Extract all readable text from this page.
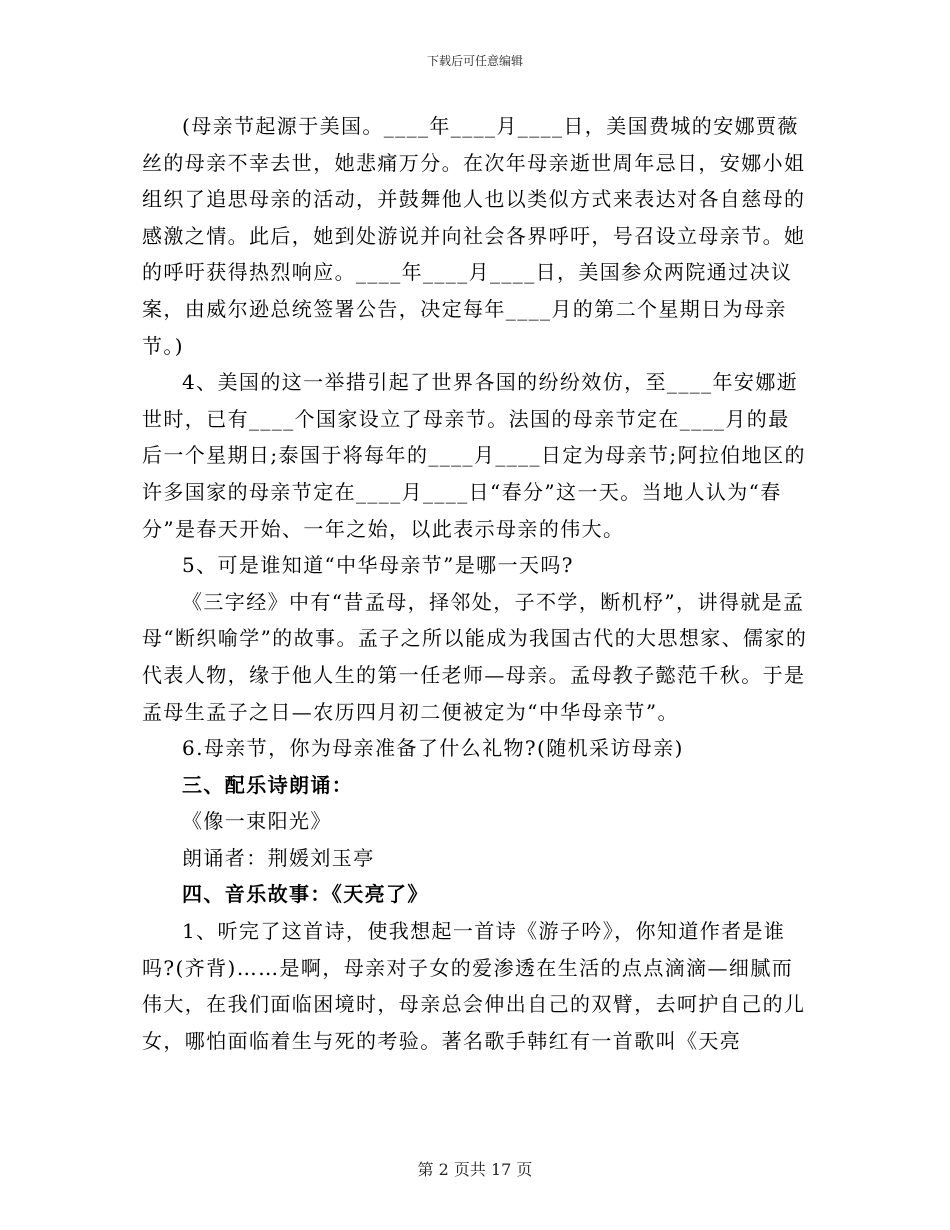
下载后可任意编辑

(母亲节起源于美国。____年____月____日，美国费城的安娜贾薇丝的母亲不幸去世，她悲痛万分。在次年母亲逝世周年忌日，安娜小姐组织了追思母亲的活动，并鼓舞他人也以类似方式来表达对各自慈母的感激之情。此后，她到处游说并向社会各界呼吁，号召设立母亲节。她的呼吁获得热烈响应。____年____月____日，美国参众两院通过决议案，由威尔逊总统签署公告，决定每年____月的第二个星期日为母亲节。)

4、美国的这一举措引起了世界各国的纷纷效仿，至____年安娜逝世时，已有____个国家设立了母亲节。法国的母亲节定在____月的最后一个星期日;泰国于将每年的____月____日定为母亲节;阿拉伯地区的许多国家的母亲节定在____月____日“春分”这一天。当地人认为“春分”是春天开始、一年之始，以此表示母亲的伟大。

5、可是谁知道“中华母亲节”是哪一天吗?

《三字经》中有“昔孟母，择邻处，子不学，断机杼”，讲得就是孟母“断织喻学”的故事。孟子之所以能成为我国古代的大思想家、儒家的代表人物，缘于他人生的第一任老师—母亲。孟母教子懿范千秋。于是孟母生孟子之日—农历四月初二便被定为“中华母亲节”。

6.母亲节，你为母亲准备了什么礼物?(随机采访母亲)

三、配乐诗朗诵：

《像一束阳光》

朗诵者：荆媛刘玉亭

四、音乐故事：《天亮了》

1、听完了这首诗，使我想起一首诗《游子吟》，你知道作者是谁吗?(齐背)……是啊，母亲对子女的爱渗透在生活的点点滴滴—细腻而伟大，在我们面临困境时，母亲总会伸出自己的双臂，去呵护自己的儿女，哪怕面临着生与死的考验。著名歌手韩红有一首歌叫《天亮

第 2 页共 17 页
